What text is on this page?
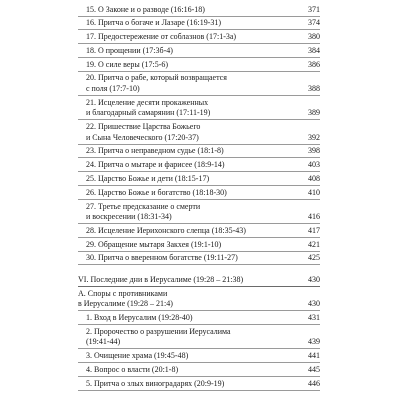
15. О Законе и о разводе (16:16-18)	371
16. Притча о богаче и Лазаре (16:19-31)	374
17. Предостережение от соблазнов (17:1-3а)	380
18. О прощении (17:3б-4)	384
19. О силе веры (17:5-6)	386
20. Притча о рабе, который возвращается
с поля (17:7-10)	388
21. Исцеление десяти прокаженных
и благодарный самарянин (17:11-19)	389
22. Пришествие Царства Божьего
и Сына Человеческого (17:20-37)	392
23. Притча о неправедном судье (18:1-8)	398
24. Притча о мытаре и фарисее (18:9-14)	403
25. Царство Божье и дети (18:15-17)	408
26. Царство Божье и богатство (18:18-30)	410
27. Третье предсказание о смерти
и воскресении (18:31-34)	416
28. Исцеление Иерихонского слепца (18:35-43)	417
29. Обращение мытаря Закхея (19:1-10)	421
30. Притча о вверенном богатстве (19:11-27)	425
VI. Последние дни в Иерусалиме (19:28 – 21:38)	430
А. Споры с противниками
в Иерусалиме (19:28 – 21:4)	430
1. Вход в Иерусалим (19:28-40)	431
2. Пророчество о разрушении Иерусалима
(19:41-44)	439
3. Очищение храма (19:45-48)	441
4. Вопрос о власти (20:1-8)	445
5. Притча о злых виноградарях (20:9-19)	446
